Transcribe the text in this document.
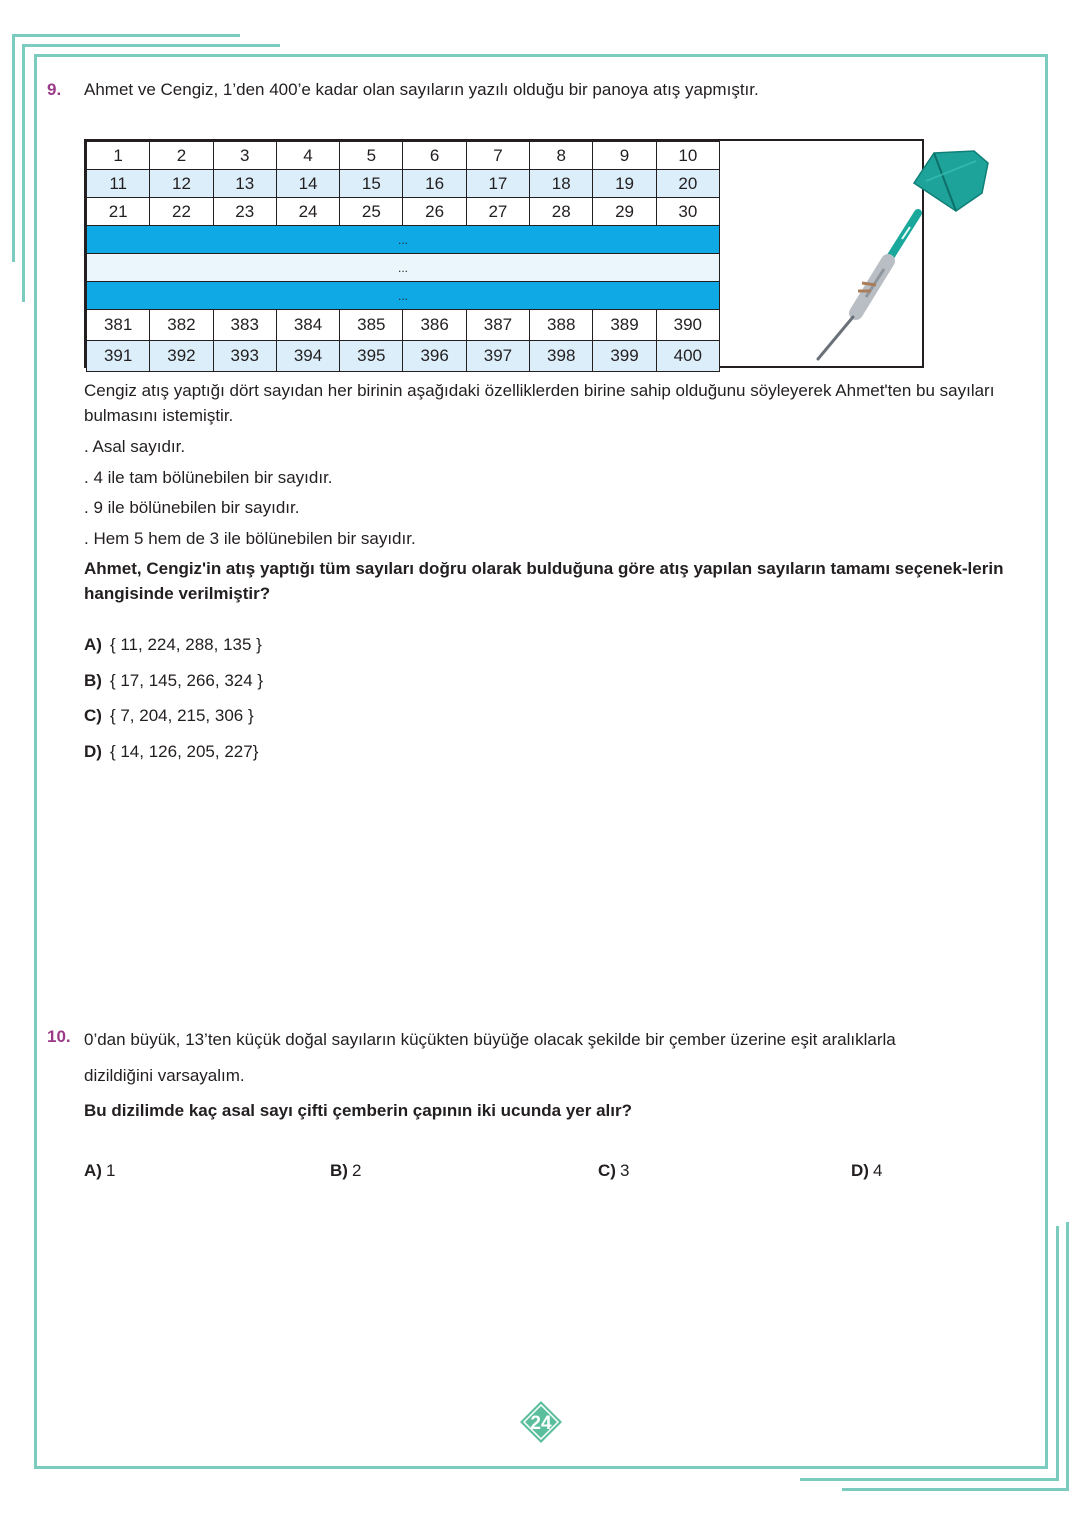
9. Ahmet ve Cengiz, 1’den 400’e kadar olan sayıların yazılı olduğu bir panoya atış yapmıştır.
1	2	3	4	5	6	7	8	9	10
11	12	13	14	15	16	17	18	19	20
21	22	23	24	25	26	27	28	29	30
...									
...									
...									
381	382	383	384	385	386	387	388	389	390
391	392	393	394	395	396	397	398	399	400
Cengiz atış yaptığı dört sayıdan her birinin aşağıdaki özelliklerden birine sahip olduğunu söyleyerek Ahmet'ten bu sayıları bulmasını istemiştir.
. Asal sayıdır.
. 4 ile tam bölünebilen bir sayıdır.
. 9 ile bölünebilen bir sayıdır.
. Hem 5 hem de 3 ile bölünebilen bir sayıdır.
Ahmet, Cengiz'in atış yaptığı tüm sayıları doğru olarak bulduğuna göre atış yapılan sayıların tamamı seçenek-lerin hangisinde verilmiştir?
A) { 11, 224, 288, 135 }
B) { 17, 145, 266, 324 }
C) { 7, 204, 215, 306 }
D) { 14, 126, 205, 227}
10. 0’dan büyük, 13’ten küçük doğal sayıların küçükten büyüğe olacak şekilde bir çember üzerine eşit aralıklarla
dizildiğini varsayalım.
Bu dizilimde kaç asal sayı çifti çemberin çapının iki ucunda yer alır?
A) 1	B) 2	C) 3	D) 4
24
